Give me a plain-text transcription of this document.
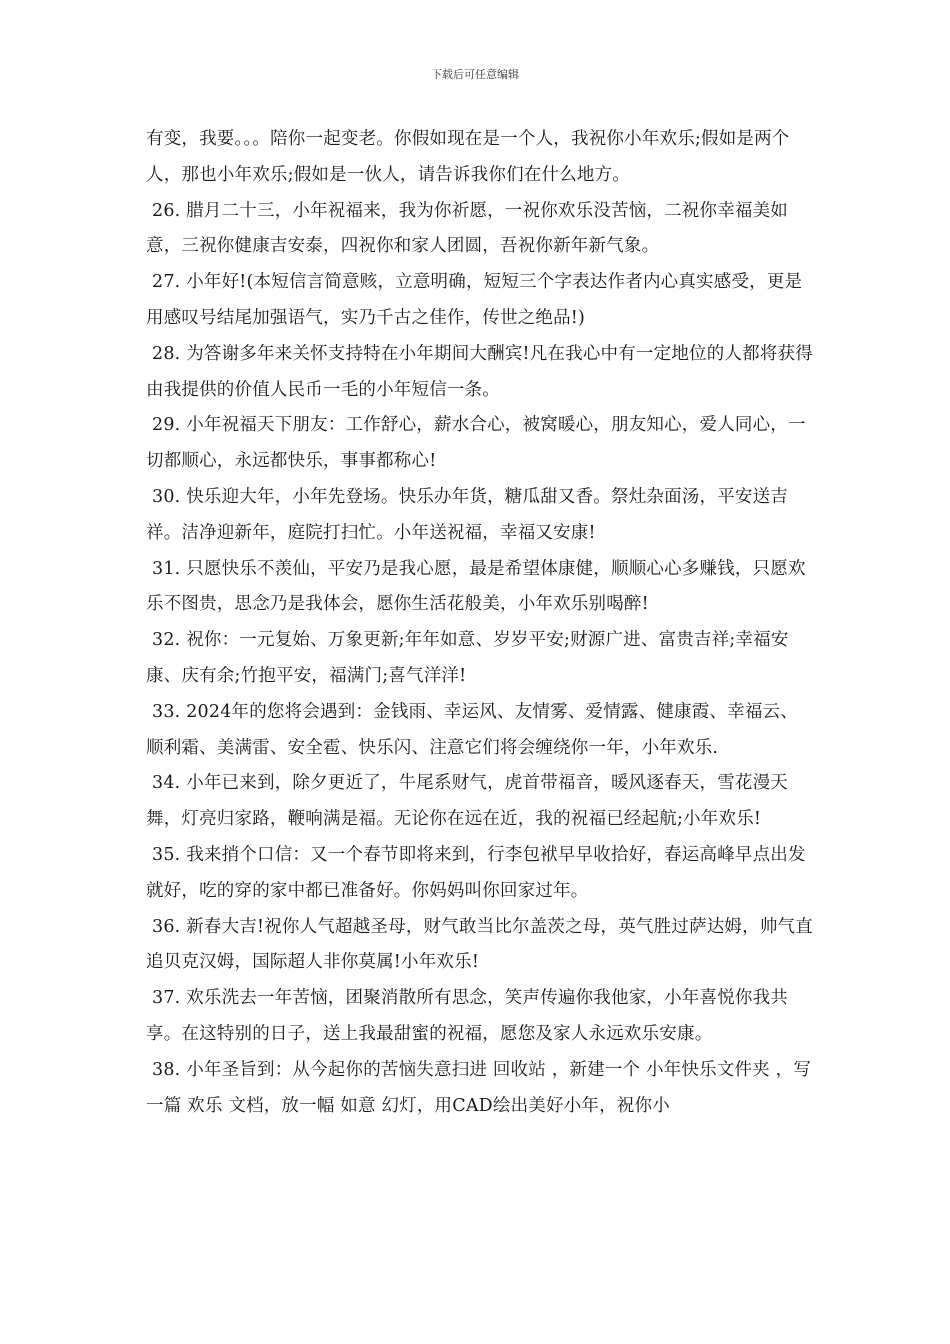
下载后可任意编辑

有变，我要。。。陪你一起变老。你假如现在是一个人，我祝你小年欢乐;假如是两个人，那也小年欢乐;假如是一伙人，请告诉我你们在什么地方。

26. 腊月二十三，小年祝福来，我为你祈愿，一祝你欢乐没苦恼，二祝你幸福美如意，三祝你健康吉安泰，四祝你和家人团圆，吾祝你新年新气象。

27. 小年好!(本短信言简意赅，立意明确，短短三个字表达作者内心真实感受，更是用感叹号结尾加强语气，实乃千古之佳作，传世之绝品!)

28. 为答谢多年来关怀支持特在小年期间大酬宾!凡在我心中有一定地位的人都将获得由我提供的价值人民币一毛的小年短信一条。

29. 小年祝福天下朋友：工作舒心，薪水合心，被窝暖心，朋友知心，爱人同心，一切都顺心，永远都快乐，事事都称心!

30. 快乐迎大年，小年先登场。快乐办年货，糖瓜甜又香。祭灶杂面汤，平安送吉祥。洁净迎新年，庭院打扫忙。小年送祝福，幸福又安康!

31. 只愿快乐不羡仙，平安乃是我心愿，最是希望体康健，顺顺心心多赚钱，只愿欢乐不图贵，思念乃是我体会，愿你生活花般美，小年欢乐别喝醉!

32. 祝你：一元复始、万象更新;年年如意、岁岁平安;财源广进、富贵吉祥;幸福安康、庆有余;竹抱平安，福满门;喜气洋洋!

33. 2024年的您将会遇到：金钱雨、幸运风、友情雾、爱情露、健康霞、幸福云、顺利霜、美满雷、安全雹、快乐闪、注意它们将会缠绕你一年，小年欢乐.

34. 小年已来到，除夕更近了，牛尾系财气，虎首带福音，暖风逐春天，雪花漫天舞，灯亮归家路，鞭响满是福。无论你在远在近，我的祝福已经起航;小年欢乐!

35. 我来捎个口信：又一个春节即将来到，行李包袱早早收拾好，春运高峰早点出发就好，吃的穿的家中都已准备好。你妈妈叫你回家过年。

36. 新春大吉!祝你人气超越圣母，财气敢当比尔盖茨之母，英气胜过萨达姆，帅气直追贝克汉姆，国际超人非你莫属!小年欢乐!

37. 欢乐洗去一年苦恼，团聚消散所有思念，笑声传遍你我他家，小年喜悦你我共享。在这特别的日子，送上我最甜蜜的祝福，愿您及家人永远欢乐安康。

38. 小年圣旨到：从今起你的苦恼失意扫进 回收站 ，新建一个 小年快乐文件夹 ，写一篇 欢乐 文档，放一幅 如意 幻灯，用CAD绘出美好小年，祝你小
